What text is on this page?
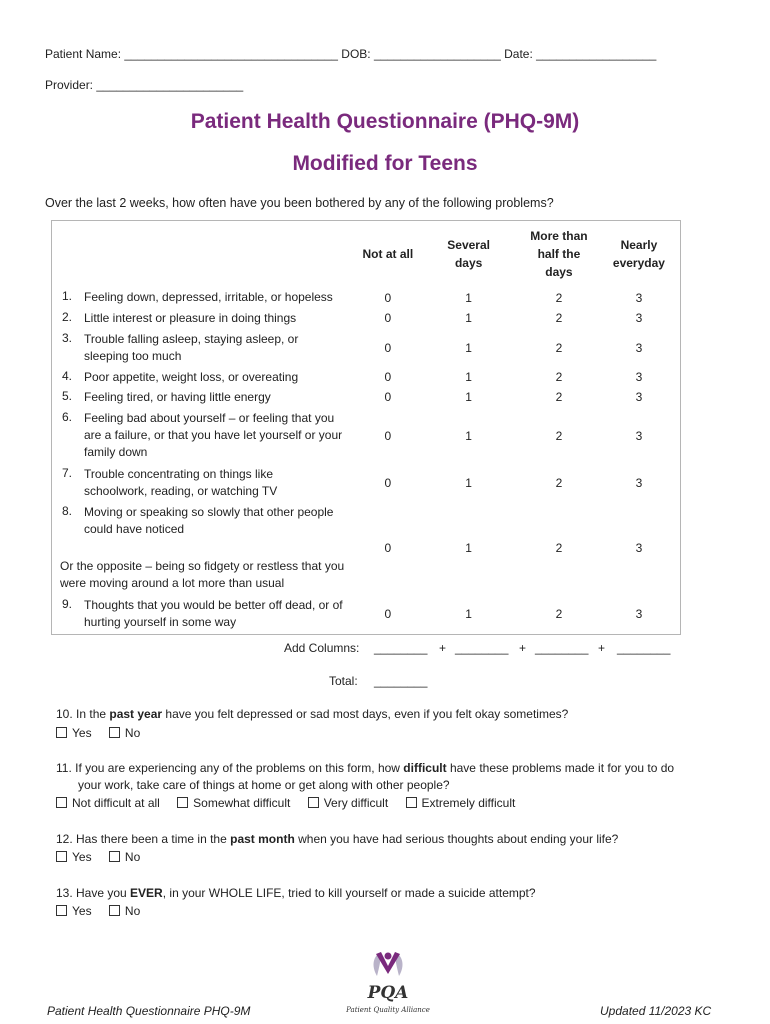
Patient Name: ________________________________ DOB: ___________________ Date: __________________
Provider: ______________________
Patient Health Questionnaire (PHQ-9M)
Modified for Teens
Over the last 2 weeks, how often have you been bothered by any of the following problems?
	Not at all	Several days	More than half the days	Nearly everyday
1. Feeling down, depressed, irritable, or hopeless	0	1	2	3
2. Little interest or pleasure in doing things	0	1	2	3
3. Trouble falling asleep, staying asleep, or sleeping too much	0	1	2	3
4. Poor appetite, weight loss, or overeating	0	1	2	3
5. Feeling tired, or having little energy	0	1	2	3
6. Feeling bad about yourself – or feeling that you are a failure, or that you have let yourself or your family down	0	1	2	3
7. Trouble concentrating on things like schoolwork, reading, or watching TV	0	1	2	3
8. Moving or speaking so slowly that other people could have noticed
Or the opposite – being so fidgety or restless that you were moving around a lot more than usual	0	1	2	3
9. Thoughts that you would be better off dead, or of hurting yourself in some way	0	1	2	3
Add Columns: ________ + ________ + ________ + ________
Total: ________
10. In the past year have you felt depressed or sad most days, even if you felt okay sometimes?
Yes	No
11. If you are experiencing any of the problems on this form, how difficult have these problems made it for you to do
your work, take care of things at home or get along with other people?
Not difficult at all	Somewhat difficult	Very difficult	Extremely difficult
12. Has there been a time in the past month when you have had serious thoughts about ending your life?
Yes	No
13. Have you EVER, in your WHOLE LIFE, tried to kill yourself or made a suicide attempt?
Yes	No
PQA
Patient Quality Alliance
Patient Health Questionnaire PHQ-9M	Updated 11/2023 KC
